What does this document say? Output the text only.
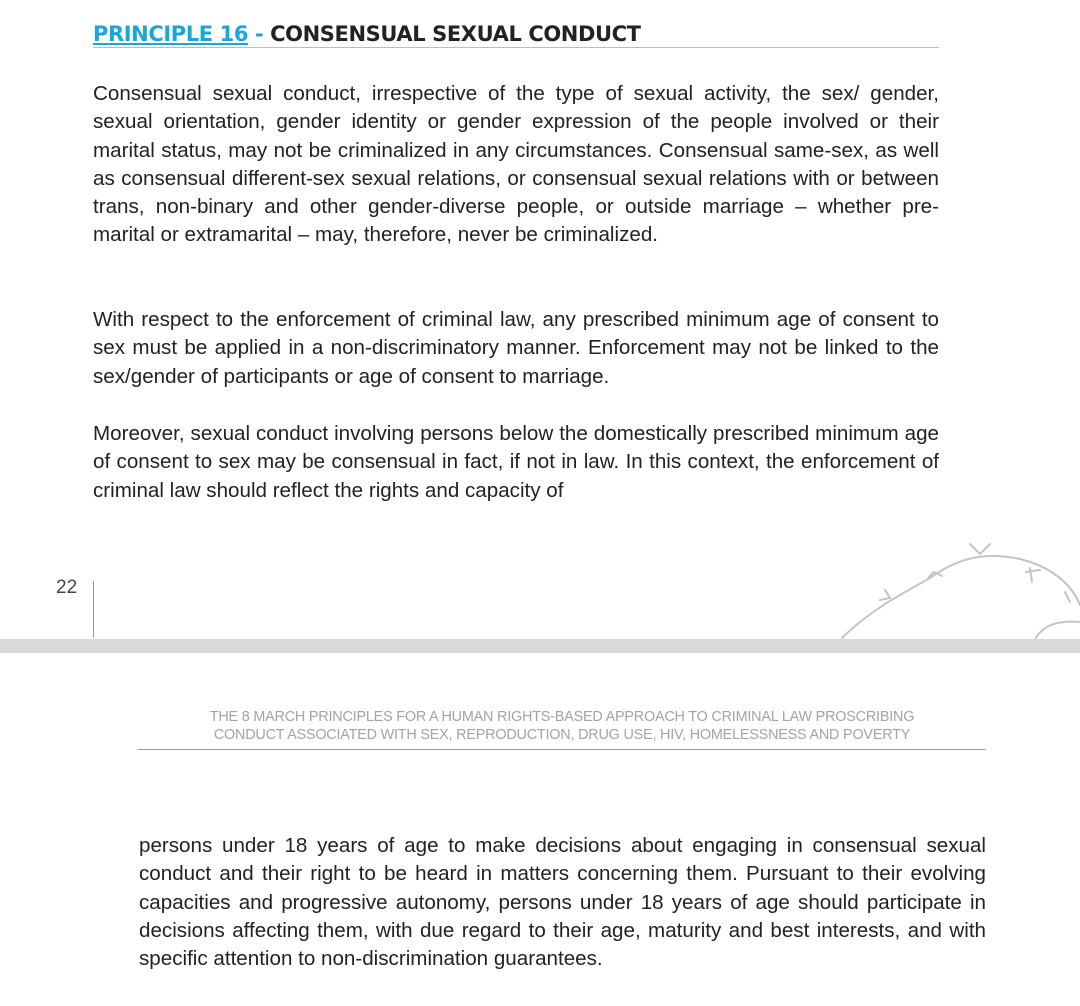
PRINCIPLE 16 - CONSENSUAL SEXUAL CONDUCT

Consensual sexual conduct, irrespective of the type of sexual activity, the sex/ gender, sexual orientation, gender identity or gender expression of the people involved or their marital status, may not be criminalized in any circumstances. Consensual same-sex, as well as consensual different-sex sexual relations, or consensual sexual relations with or between trans, non-binary and other gender-diverse people, or outside marriage – whether pre-marital or extramarital – may, therefore, never be criminalized.

With respect to the enforcement of criminal law, any prescribed minimum age of consent to sex must be applied in a non-discriminatory manner. Enforcement may not be linked to the sex/gender of participants or age of consent to marriage.

Moreover, sexual conduct involving persons below the domestically prescribed minimum age of consent to sex may be consensual in fact, if not in law. In this context, the enforcement of criminal law should reflect the rights and capacity of

22
THE 8 MARCH PRINCIPLES FOR A HUMAN RIGHTS-BASED APPROACH TO CRIMINAL LAW PROSCRIBING
CONDUCT ASSOCIATED WITH SEX, REPRODUCTION, DRUG USE, HIV, HOMELESSNESS AND POVERTY

persons under 18 years of age to make decisions about engaging in consensual sexual conduct and their right to be heard in matters concerning them. Pursuant to their evolving capacities and progressive autonomy, persons under 18 years of age should participate in decisions affecting them, with due regard to their age, maturity and best interests, and with specific attention to non-discrimination guarantees.
